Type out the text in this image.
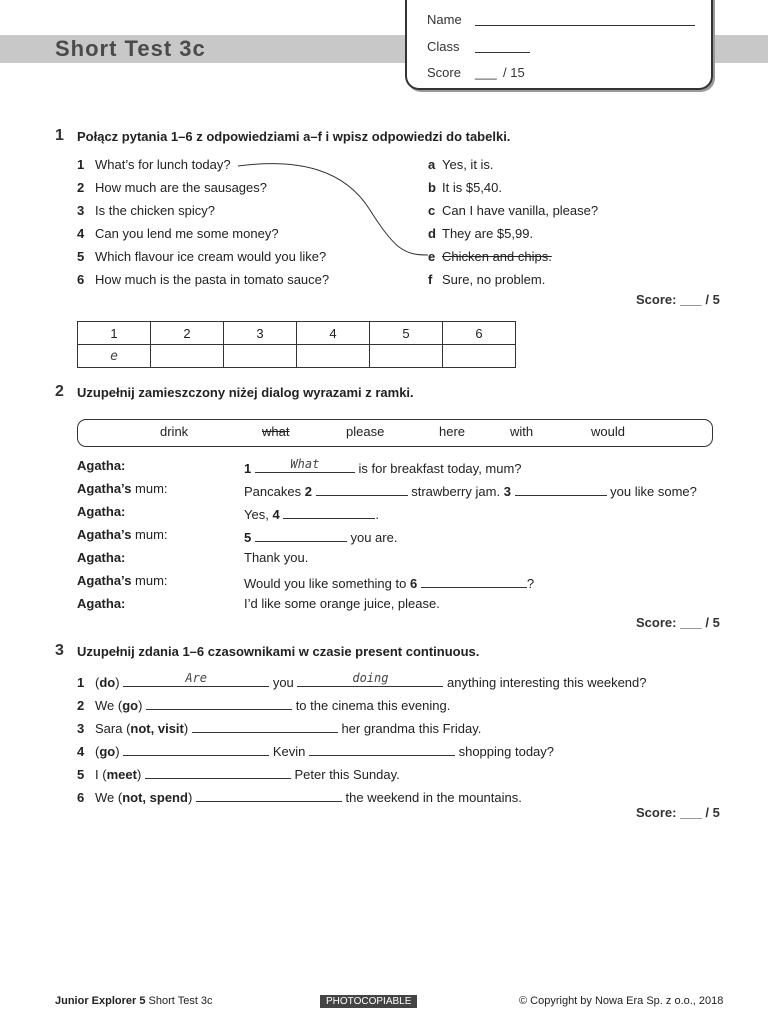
Short Test 3c
Name
Class
Score ___ / 15
1 Połącz pytania 1–6 z odpowiedziami a–f i wpisz odpowiedzi do tabelki.
Score: ___ / 5
1	2	3	4	5	6
e					
2 Uzupełnij zamieszczony niżej dialog wyrazami z ramki.
drink	what	please	here	with	would
Agatha:	1	What	is for breakfast today, mum?
Agatha’s mum:	Pancakes 2	strawberry jam. 3	you like some?
Agatha:	Yes, 4	.
Agatha’s mum:	5	you are.
Agatha:	Thank you.
Agatha’s mum:	Would you like something to 6	?
Agatha:	I’d like some orange juice, please.
Score: ___ / 5
3 Uzupełnij zdania 1–6 czasownikami w czasie present continuous.
1 (do)	Are	you	doing	anything interesting this weekend?
2 We (go)	to the cinema this evening.
3 Sara (not, visit)	her grandma this Friday.
4 (go)	Kevin	shopping today?
5 I (meet)	Peter this Sunday.
6 We (not, spend)	the weekend in the mountains.
Score: ___ / 5
Junior Explorer 5 Short Test 3c	PHOTOCOPIABLE	© Copyright by Nowa Era Sp. z o.o., 2018
1 What’s for lunch today?
2 How much are the sausages?
3 Is the chicken spicy?
4 Can you lend me some money?
5 Which flavour ice cream would you like?
6 How much is the pasta in tomato sauce?
a Yes, it is.
b It is $5,40.
c Can I have vanilla, please?
d They are $5,99.
e Chicken and chips.
f Sure, no problem.
